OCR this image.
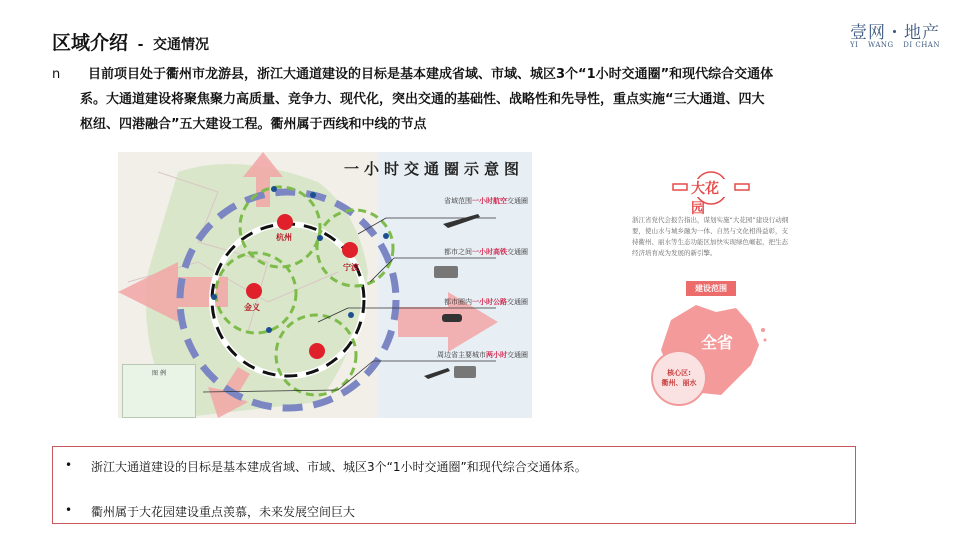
区域介绍 - 交通情况
壹网・地产
YI WANG DI CHAN
n	目前项目处于衢州市龙游县，浙江大通道建设的目标是基本建成省域、市域、城区3个“1小时交通圈”和现代综合交通体
系。大通道建设将聚焦聚力高质量、竞争力、现代化，突出交通的基础性、战略性和先导性，重点实施“三大通道、四大
枢纽、四港融合”五大建设工程。衢州属于西线和中线的节点
一小时交通圈示意图
省域范围一小时航空交通圈
都市之间一小时高铁交通圈
都市圈内一小时公路交通圈
周边省主要城市两小时交通圈
杭州
宁波
金义
图 例
大花园
浙江省党代会报告指出，谋划实施“大花园”建设行动纲要，使山水与城乡融为一体、自然与文化相得益彰，支持衢州、丽水等生态功能区加快实现绿色崛起，把生态经济培育成为发展的新引擎。
建设范围
全省
核心区:
衢州、丽水
•	浙江大通道建设的目标是基本建成省域、市域、城区3个“1小时交通圈”和现代综合交通体系。
•	衢州属于大花园建设重点羡慕，未来发展空间巨大
